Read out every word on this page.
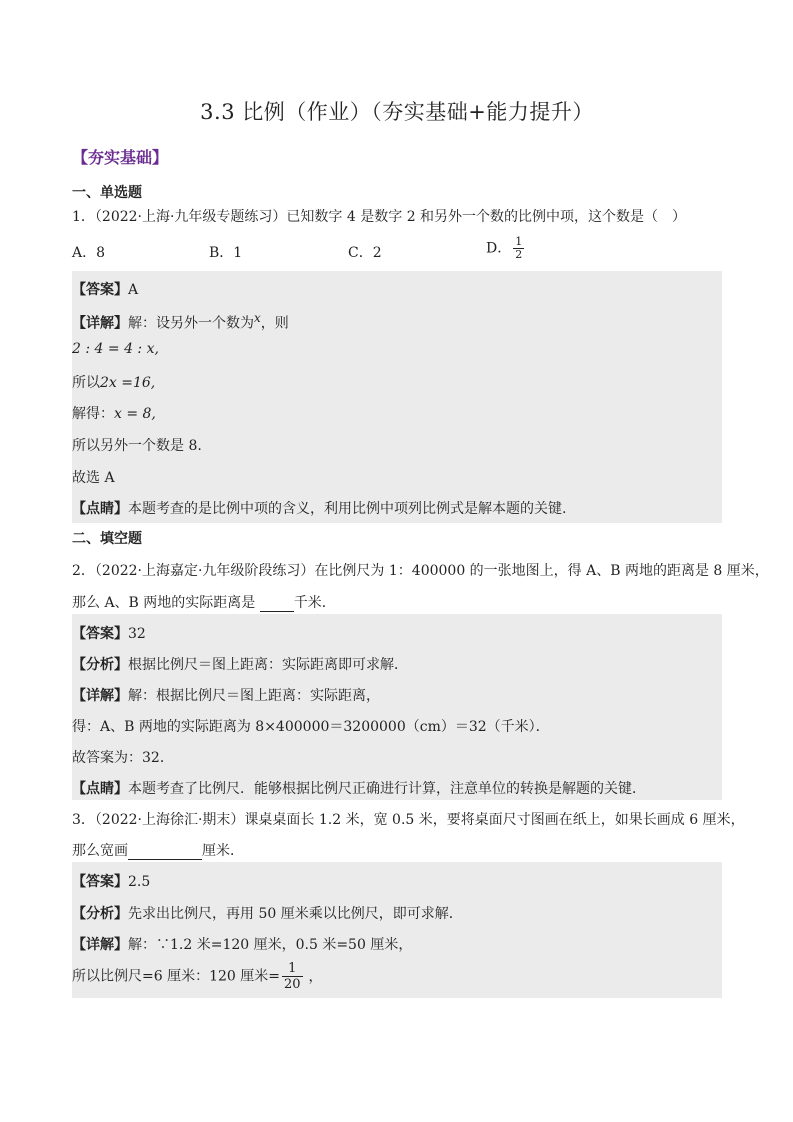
3.3 比例（作业）（夯实基础+能力提升）
【夯实基础】
一、单选题
1．（2022·上海·九年级专题练习）已知数字 4 是数字 2 和另外一个数的比例中项，这个数是（　）
A．8	B．1	C．2	D． $\frac{1}{2}$
【答案】A
【详解】解：设另外一个数为x，则
2 : 4 = 4 : x,
所以2x =16,
解得：x = 8,
所以另外一个数是 8.
故选 A
【点睛】本题考查的是比例中项的含义，利用比例中项列比例式是解本题的关键.
二、填空题
2．（2022·上海嘉定·九年级阶段练习）在比例尺为 1：400000 的一张地图上，得 A、B 两地的距离是 8 厘米，
那么 A、B 两地的实际距离是	千米．
【答案】32
【分析】根据比例尺＝图上距离：实际距离即可求解．
【详解】解：根据比例尺＝图上距离：实际距离，
得：A、B 两地的实际距离为 8×400000＝3200000（cm）＝32（千米）．
故答案为：32．
【点睛】本题考查了比例尺．能够根据比例尺正确进行计算，注意单位的转换是解题的关键．
3．（2022·上海徐汇·期末）课桌桌面长 1.2 米，宽 0.5 米，要将桌面尺寸图画在纸上，如果长画成 6 厘米，
那么宽画	厘米．
【答案】2.5
【分析】先求出比例尺，再用 50 厘米乘以比例尺，即可求解．
【详解】解：∵1.2 米=120 厘米，0.5 米=50 厘米，
所以比例尺=6 厘米：120 厘米= $\frac{1}{20}$ ，
